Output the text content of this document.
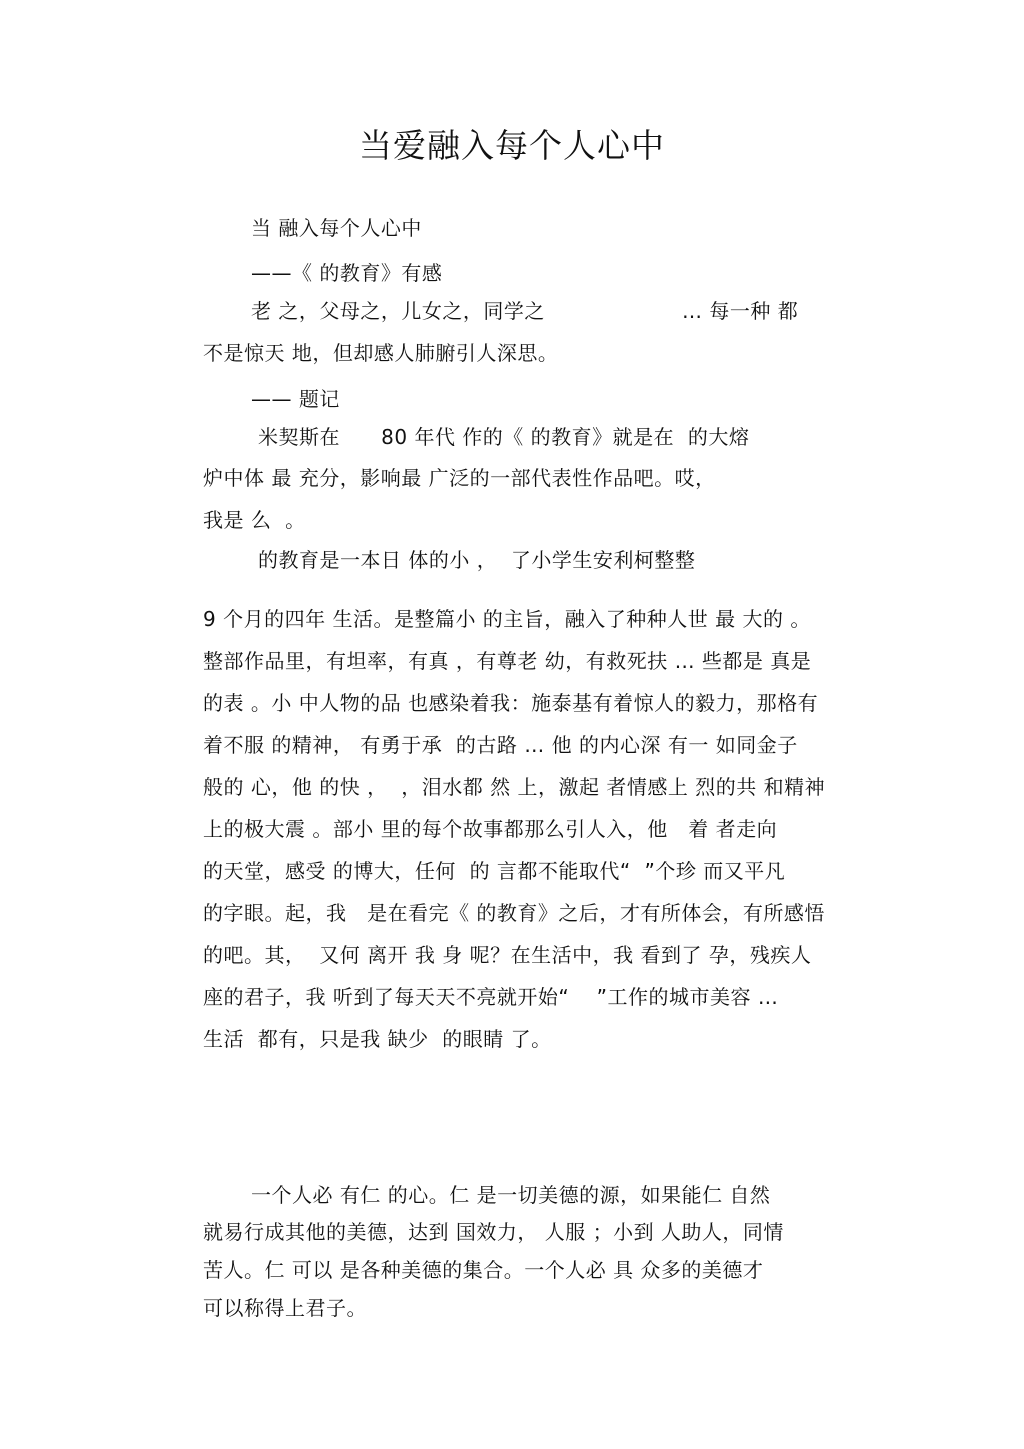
当爱融入每个人心中
当 融入每个人心中
——《 的教育》有感
老 之，父母之，儿女之，同学之                    … 每一种 都
不是惊天 地，但却感人肺腑引人深思。
—— 题记
米契斯在      80 年代 作的《 的教育》就是在  的大熔
炉中体 最 充分，影响最 广泛的一部代表性作品吧。哎，
我是 么  。
的教育是一本日 体的小 ，  了小学生安利柯整整
9 个月的四年 生活。是整篇小 的主旨，融入了种种人世 最 大的 。
整部作品里，有坦率，有真 ，有尊老 幼，有救死扶 … 些都是 真是
的表 。小 中人物的品 也感染着我：施泰基有着惊人的毅力，那格有
着不服 的精神， 有勇于承  的古路 … 他 的内心深 有一 如同金子
般的 心，他 的快 ，  ，泪水都 然 上，激起 者情感上 烈的共 和精神
上的极大震 。部小 里的每个故事都那么引人入，他   着 者走向
的天堂，感受 的博大，任何  的 言都不能取代“  ”个珍 而又平凡
的字眼。起，我   是在看完《 的教育》之后，才有所体会，有所感悟
的吧。其，  又何 离开 我 身 呢？在生活中，我 看到了 孕，残疾人
座的君子，我 听到了每天天不亮就开始“    ”工作的城市美容 …
生活  都有，只是我 缺少  的眼睛 了。
一个人必 有仁 的心。仁 是一切美德的源，如果能仁 自然
就易行成其他的美德，达到 国效力， 人服 ；小到 人助人，同情
苦人。仁 可以 是各种美德的集合。一个人必 具 众多的美德才
可以称得上君子。
